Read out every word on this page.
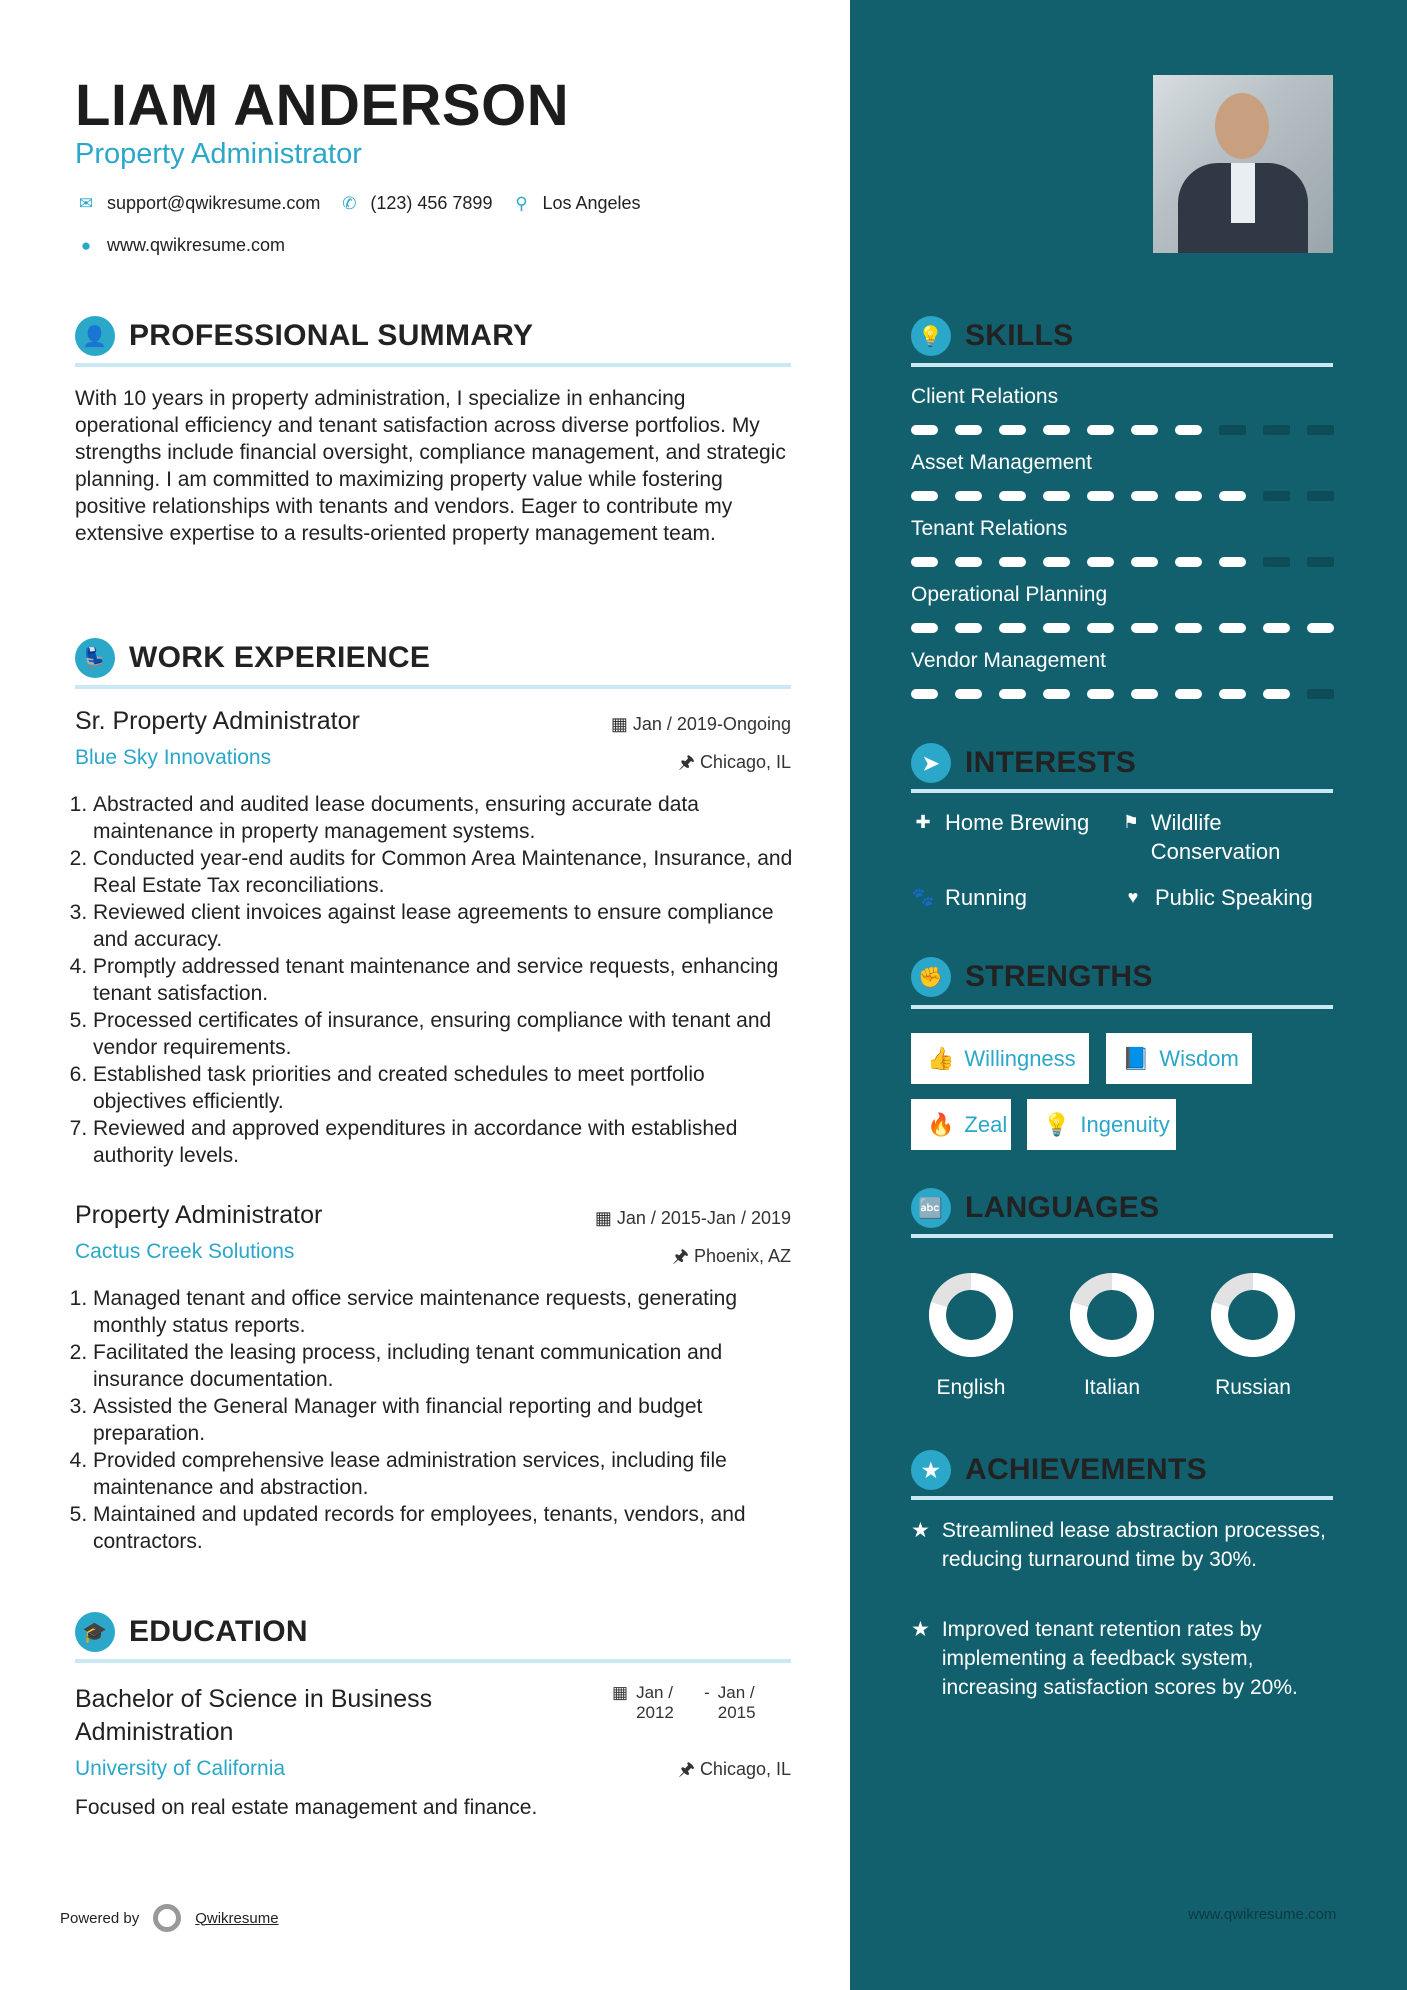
LIAM ANDERSON
Property Administrator
✉ support@qwikresume.com ✆ (123) 456 7899 ⚲ Los Angeles
● www.qwikresume.com
👤 PROFESSIONAL SUMMARY
With 10 years in property administration, I specialize in enhancing operational efficiency and tenant satisfaction across diverse portfolios. My strengths include financial oversight, compliance management, and strategic planning. I am committed to maximizing property value while fostering positive relationships with tenants and vendors. Eager to contribute my extensive expertise to a results-oriented property management team.
💺 WORK EXPERIENCE
Sr. Property Administrator	▦ Jan / 2019-Ongoing
Blue Sky Innovations	🖈 Chicago, IL
1. Abstracted and audited lease documents, ensuring accurate data maintenance in property management systems.
2. Conducted year-end audits for Common Area Maintenance, Insurance, and Real Estate Tax reconciliations.
3. Reviewed client invoices against lease agreements to ensure compliance and accuracy.
4. Promptly addressed tenant maintenance and service requests, enhancing tenant satisfaction.
5. Processed certificates of insurance, ensuring compliance with tenant and vendor requirements.
6. Established task priorities and created schedules to meet portfolio objectives efficiently.
7. Reviewed and approved expenditures in accordance with established authority levels.
Property Administrator	▦ Jan / 2015-Jan / 2019
Cactus Creek Solutions	🖈 Phoenix, AZ
1. Managed tenant and office service maintenance requests, generating monthly status reports.
2. Facilitated the leasing process, including tenant communication and insurance documentation.
3. Assisted the General Manager with financial reporting and budget preparation.
4. Provided comprehensive lease administration services, including file maintenance and abstraction.
5. Maintained and updated records for employees, tenants, vendors, and contractors.
🎓 EDUCATION
Bachelor of Science in Business Administration
▦ Jan / 2012
- Jan / 2015
University of California	🖈 Chicago, IL
Focused on real estate management and finance.
Powered by	Qwikresume	www.qwikresume.com
💡 SKILLS
Client Relations
Asset Management
Tenant Relations
Operational Planning
Vendor Management
➤ INTERESTS
✚ Home Brewing ⚑ Wildlife Conservation
🐾 Running	♥ Public Speaking
✊ STRENGTHS
👍 Willingness 📘 Wisdom
🔥 Zeal 💡 Ingenuity
🔤 LANGUAGES
English	Italian	Russian
★ ACHIEVEMENTS
★ Streamlined lease abstraction processes, reducing turnaround time by 30%.
★ Improved tenant retention rates by implementing a feedback system, increasing satisfaction scores by 20%.
